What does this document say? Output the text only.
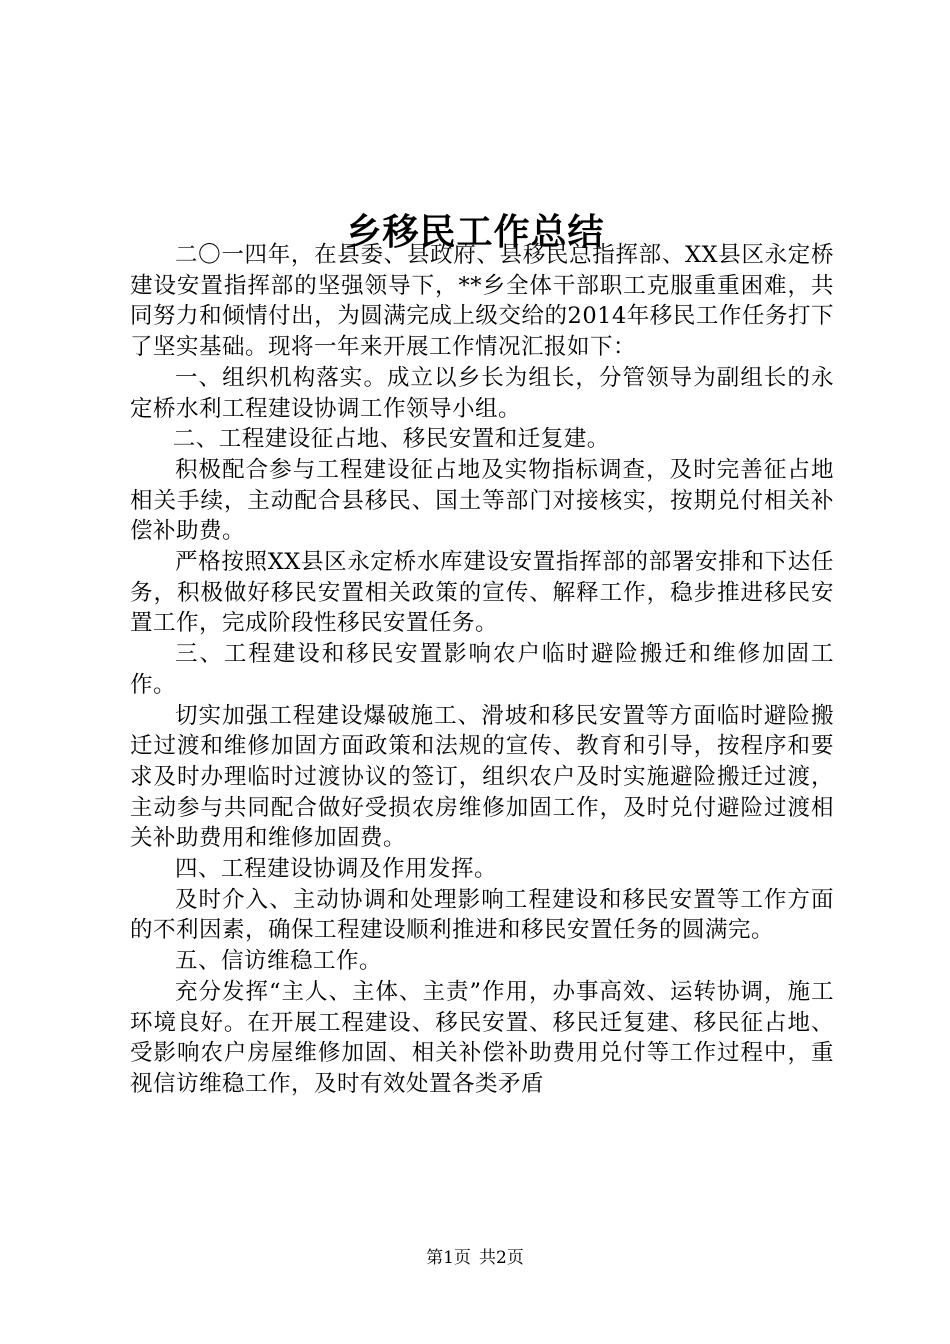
乡移民工作总结

二〇一四年，在县委、县政府、县移民总指挥部、XX县区永定桥建设安置指挥部的坚强领导下，**乡全体干部职工克服重重困难，共同努力和倾情付出，为圆满完成上级交给的2014年移民工作任务打下了坚实基础。现将一年来开展工作情况汇报如下：

一、组织机构落实。成立以乡长为组长，分管领导为副组长的永定桥水利工程建设协调工作领导小组。

二、工程建设征占地、移民安置和迁复建。

积极配合参与工程建设征占地及实物指标调查，及时完善征占地相关手续，主动配合县移民、国土等部门对接核实，按期兑付相关补偿补助费。

严格按照XX县区永定桥水库建设安置指挥部的部署安排和下达任务，积极做好移民安置相关政策的宣传、解释工作，稳步推进移民安置工作，完成阶段性移民安置任务。

三、工程建设和移民安置影响农户临时避险搬迁和维修加固工作。

切实加强工程建设爆破施工、滑坡和移民安置等方面临时避险搬迁过渡和维修加固方面政策和法规的宣传、教育和引导，按程序和要求及时办理临时过渡协议的签订，组织农户及时实施避险搬迁过渡，主动参与共同配合做好受损农房维修加固工作，及时兑付避险过渡相关补助费用和维修加固费。

四、工程建设协调及作用发挥。

及时介入、主动协调和处理影响工程建设和移民安置等工作方面的不利因素，确保工程建设顺利推进和移民安置任务的圆满完。

五、信访维稳工作。

充分发挥“主人、主体、主责”作用，办事高效、运转协调，施工环境良好。在开展工程建设、移民安置、移民迁复建、移民征占地、受影响农户房屋维修加固、相关补偿补助费用兑付等工作过程中，重视信访维稳工作，及时有效处置各类矛盾

第1页 共2页
